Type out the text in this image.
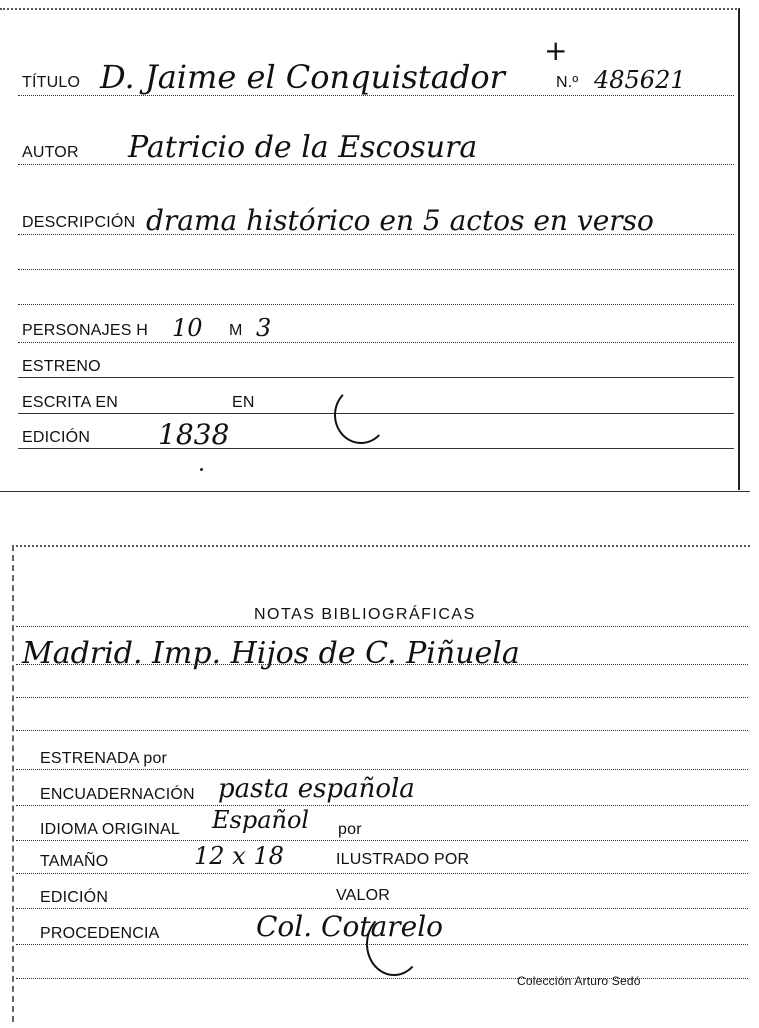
+
TÍTULO D. Jaime el Conquistador	N.º 485621
AUTOR Patricio de la Escosura
DESCRIPCIÓN drama histórico en 5 actos en verso
PERSONAJES H 10 M 3
ESTRENO
ESCRITA EN	EN
EDICIÓN 1838
NOTAS BIBLIOGRÁFICAS
Madrid. Imp. Hijos de C. Piñuela
ESTRENADA por
ENCUADERNACIÓN pasta española
IDIOMA ORIGINAL Español por
TAMAÑO	12 x 18	ILUSTRADO POR
EDICIÓN	VALOR
PROCEDENCIA	Col. Cotarelo
Colección Arturo Sedó
